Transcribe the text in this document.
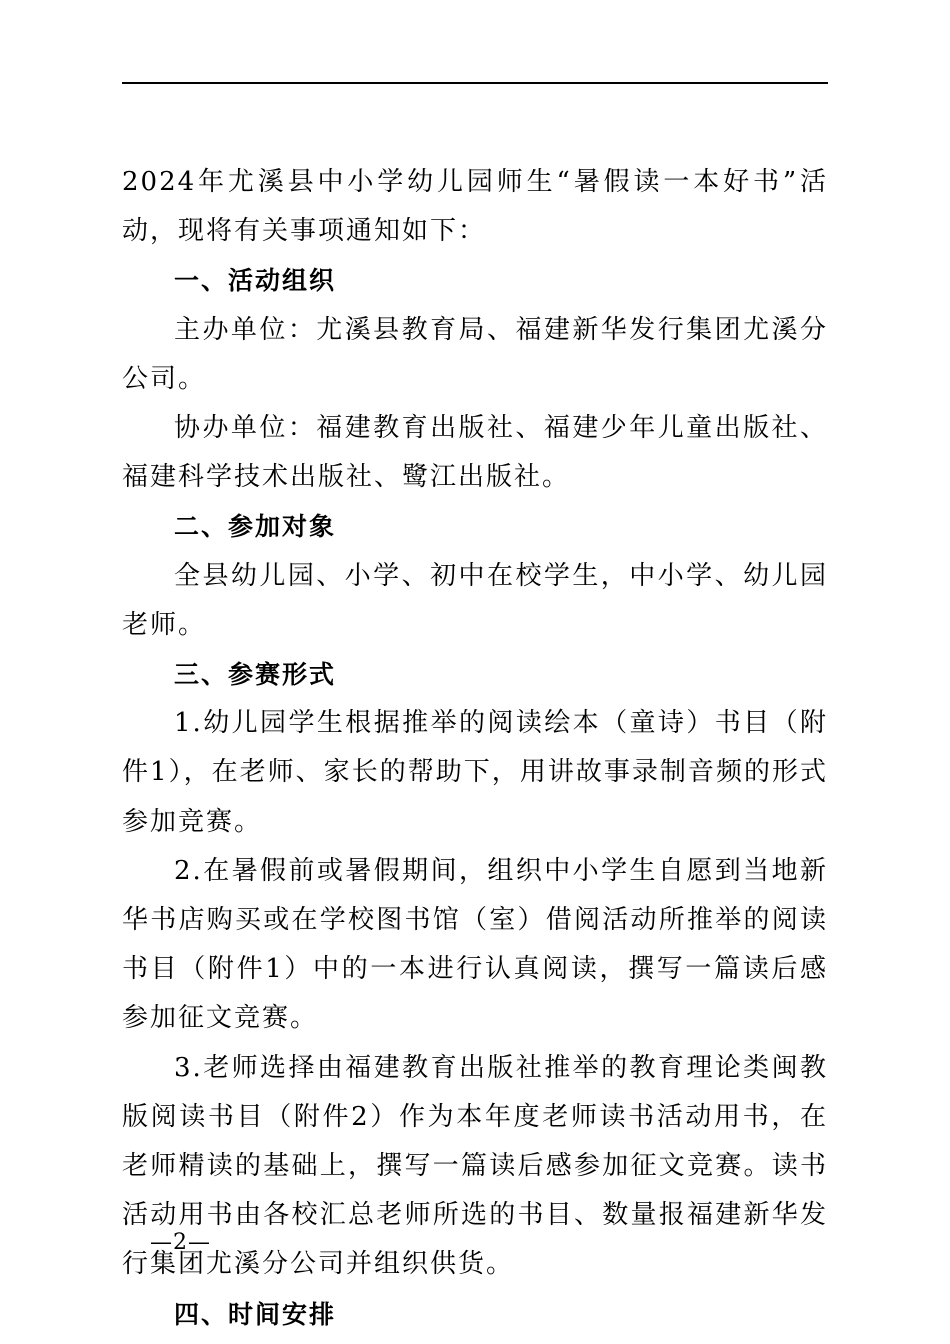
2024年尤溪县中小学幼儿园师生“暑假读一本好书”活动，现将有关事项通知如下：

一、活动组织

主办单位：尤溪县教育局、福建新华发行集团尤溪分公司。

协办单位：福建教育出版社、福建少年儿童出版社、福建科学技术出版社、鹭江出版社。

二、参加对象

全县幼儿园、小学、初中在校学生，中小学、幼儿园老师。

三、参赛形式

1.幼儿园学生根据推举的阅读绘本（童诗）书目（附件1），在老师、家长的帮助下，用讲故事录制音频的形式参加竞赛。

2.在暑假前或暑假期间，组织中小学生自愿到当地新华书店购买或在学校图书馆（室）借阅活动所推举的阅读书目（附件1）中的一本进行认真阅读，撰写一篇读后感参加征文竞赛。

3.老师选择由福建教育出版社推举的教育理论类闽教版阅读书目（附件2）作为本年度老师读书活动用书，在老师精读的基础上，撰写一篇读后感参加征文竞赛。读书活动用书由各校汇总老师所选的书目、数量报福建新华发行集团尤溪分公司并组织供货。

四、时间安排

—2—
